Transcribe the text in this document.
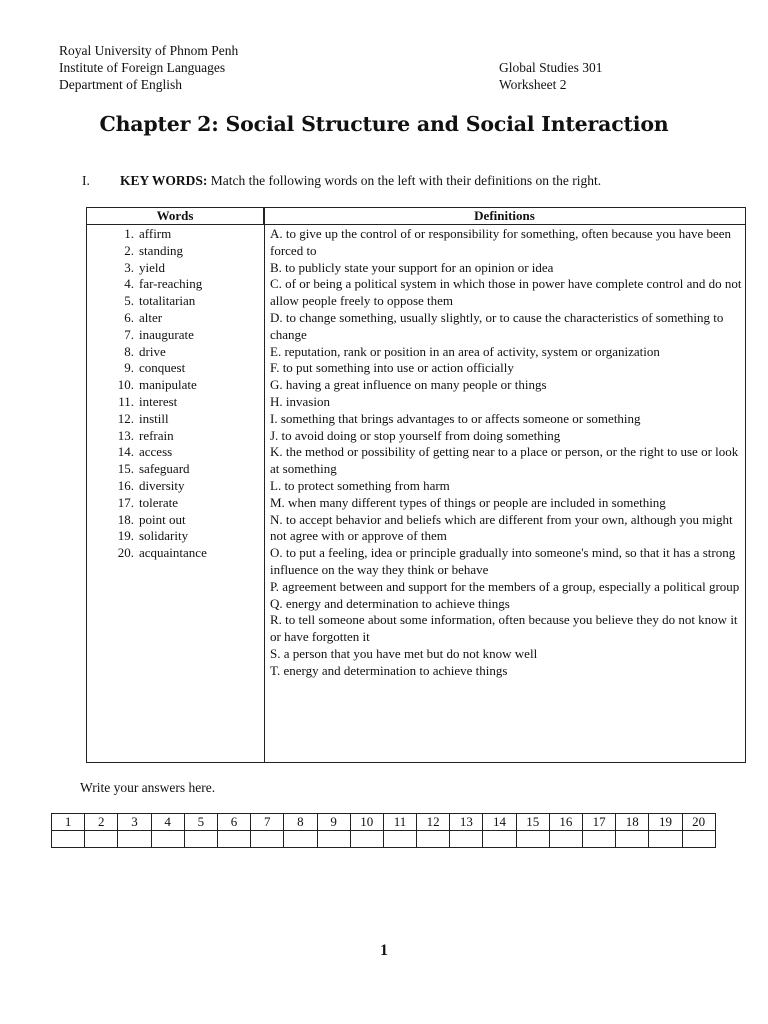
Royal University of Phnom Penh
Institute of Foreign Languages	Global Studies 301
Department of English	Worksheet 2
Chapter 2: Social Structure and Social Interaction
I. KEY WORDS: Match the following words on the left with their definitions on the right.
Words	Definitions
1. affirm
2. standing
3. yield
4. far-reaching
5. totalitarian
6. alter
7. inaugurate
8. drive
9. conquest
10. manipulate
11. interest
12. instill
13. refrain
14. access
15. safeguard
16. diversity
17. tolerate
18. point out
19. solidarity
20. acquaintance
A. to give up the control of or responsibility for something, often because you have been forced to
B. to publicly state your support for an opinion or idea
C. of or being a political system in which those in power have complete control and do not allow people freely to oppose them
D. to change something, usually slightly, or to cause the characteristics of something to change
E. reputation, rank or position in an area of activity, system or organization
F. to put something into use or action officially
G. having a great influence on many people or things
H. invasion
I. something that brings advantages to or affects someone or something
J. to avoid doing or stop yourself from doing something
K. the method or possibility of getting near to a place or person, or the right to use or look at something
L. to protect something from harm
M. when many different types of things or people are included in something
N. to accept behavior and beliefs which are different from your own, although you might not agree with or approve of them
O. to put a feeling, idea or principle gradually into someone's mind, so that it has a strong influence on the way they think or behave
P. agreement between and support for the members of a group, especially a political group
Q. energy and determination to achieve things
R. to tell someone about some information, often because you believe they do not know it or have forgotten it
S. a person that you have met but do not know well
T. energy and determination to achieve things
Write your answers here.
1	2	3	4	5	6	7	8	9	10	11	12	13	14	15	16	17	18	19	20

1
